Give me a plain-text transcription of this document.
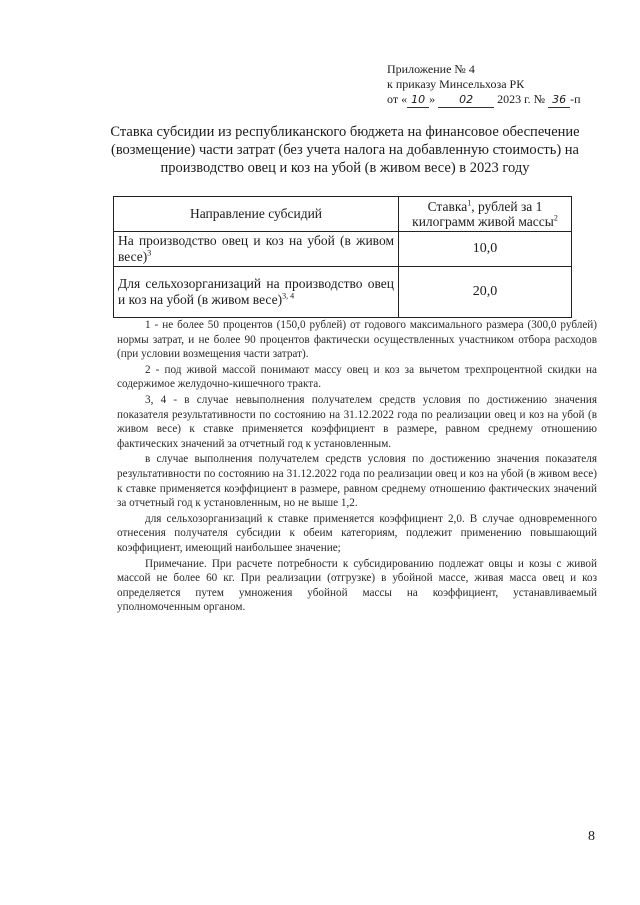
Приложение № 4
к приказу Минсельхоза РК
от « 10 » 02 2023 г. № 36 -п
Ставка субсидии из республиканского бюджета на финансовое обеспечение (возмещение) части затрат (без учета налога на добавленную стоимость) на производство овец и коз на убой (в живом весе) в 2023 году
Направление субсидий	Ставка$^1$, рублей за 1 килограмм живой массы$^2$
На производство овец и коз на убой (в живом весе)$^3$	10,0
Для сельхозорганизаций на производство овец и коз на убой (в живом весе)$^{3, 4}$	20,0

1 - не более 50 процентов (150,0 рублей) от годового максимального размера (300,0 рублей) нормы затрат, и не более 90 процентов фактически осуществленных участником отбора расходов (при условии возмещения части затрат).

2 - под живой массой понимают массу овец и коз за вычетом трехпроцентной скидки на содержимое желудочно-кишечного тракта.

3, 4 - в случае невыполнения получателем средств условия по достижению значения показателя результативности по состоянию на 31.12.2022 года по реализации овец и коз на убой (в живом весе) к ставке применяется коэффициент в размере, равном среднему отношению фактических значений за отчетный год к установленным.

в случае выполнения получателем средств условия по достижению значения показателя результативности по состоянию на 31.12.2022 года по реализации овец и коз на убой (в живом весе) к ставке применяется коэффициент в размере, равном среднему отношению фактических значений за отчетный год к установленным, но не выше 1,2.

для сельхозорганизаций к ставке применяется коэффициент 2,0. В случае одновременного отнесения получателя субсидии к обеим категориям, подлежит применению повышающий коэффициент, имеющий наибольшее значение;

Примечание. При расчете потребности к субсидированию подлежат овцы и козы с живой массой не более 60 кг. При реализации (отгрузке) в убойной массе, живая масса овец и коз определяется путем умножения убойной массы на коэффициент, устанавливаемый уполномоченным органом.

8
